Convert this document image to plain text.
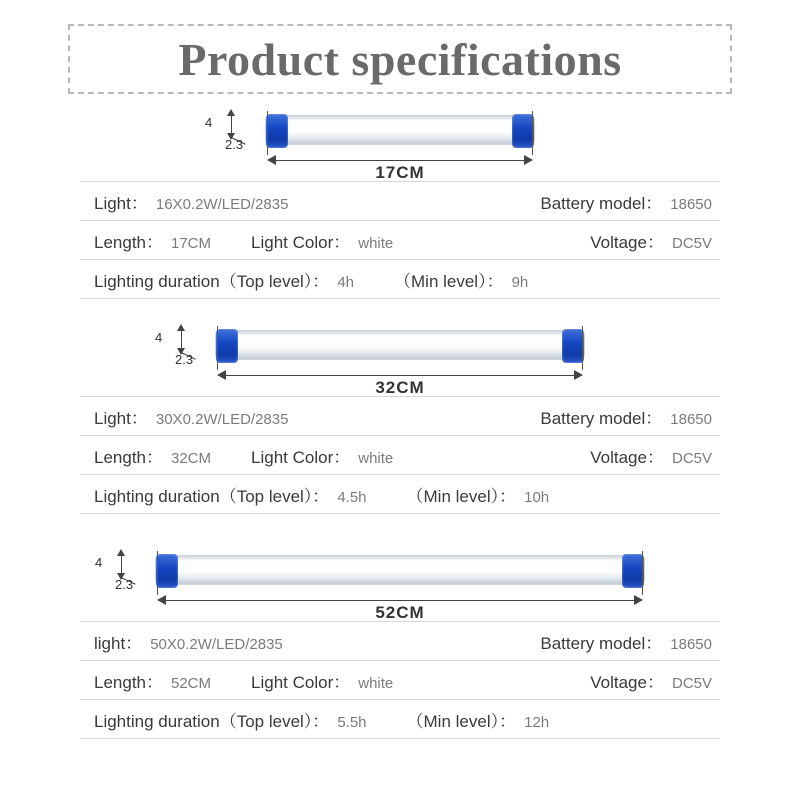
Product specifications
4
2.3
17CM
Light： 16X0.2W/LED/2835	Battery model： 18650
Length： 17CM Light Color： white	Voltage： DC5V
Lighting duration（Top level）： 4h （Min level）： 9h
4
2.3
32CM
Light： 30X0.2W/LED/2835	Battery model： 18650
Length： 32CM Light Color： white	Voltage： DC5V
Lighting duration（Top level）： 4.5h （Min level）： 10h
4
2.3
52CM
light： 50X0.2W/LED/2835	Battery model： 18650
Length： 52CM Light Color： white	Voltage： DC5V
Lighting duration（Top level）： 5.5h （Min level）： 12h
